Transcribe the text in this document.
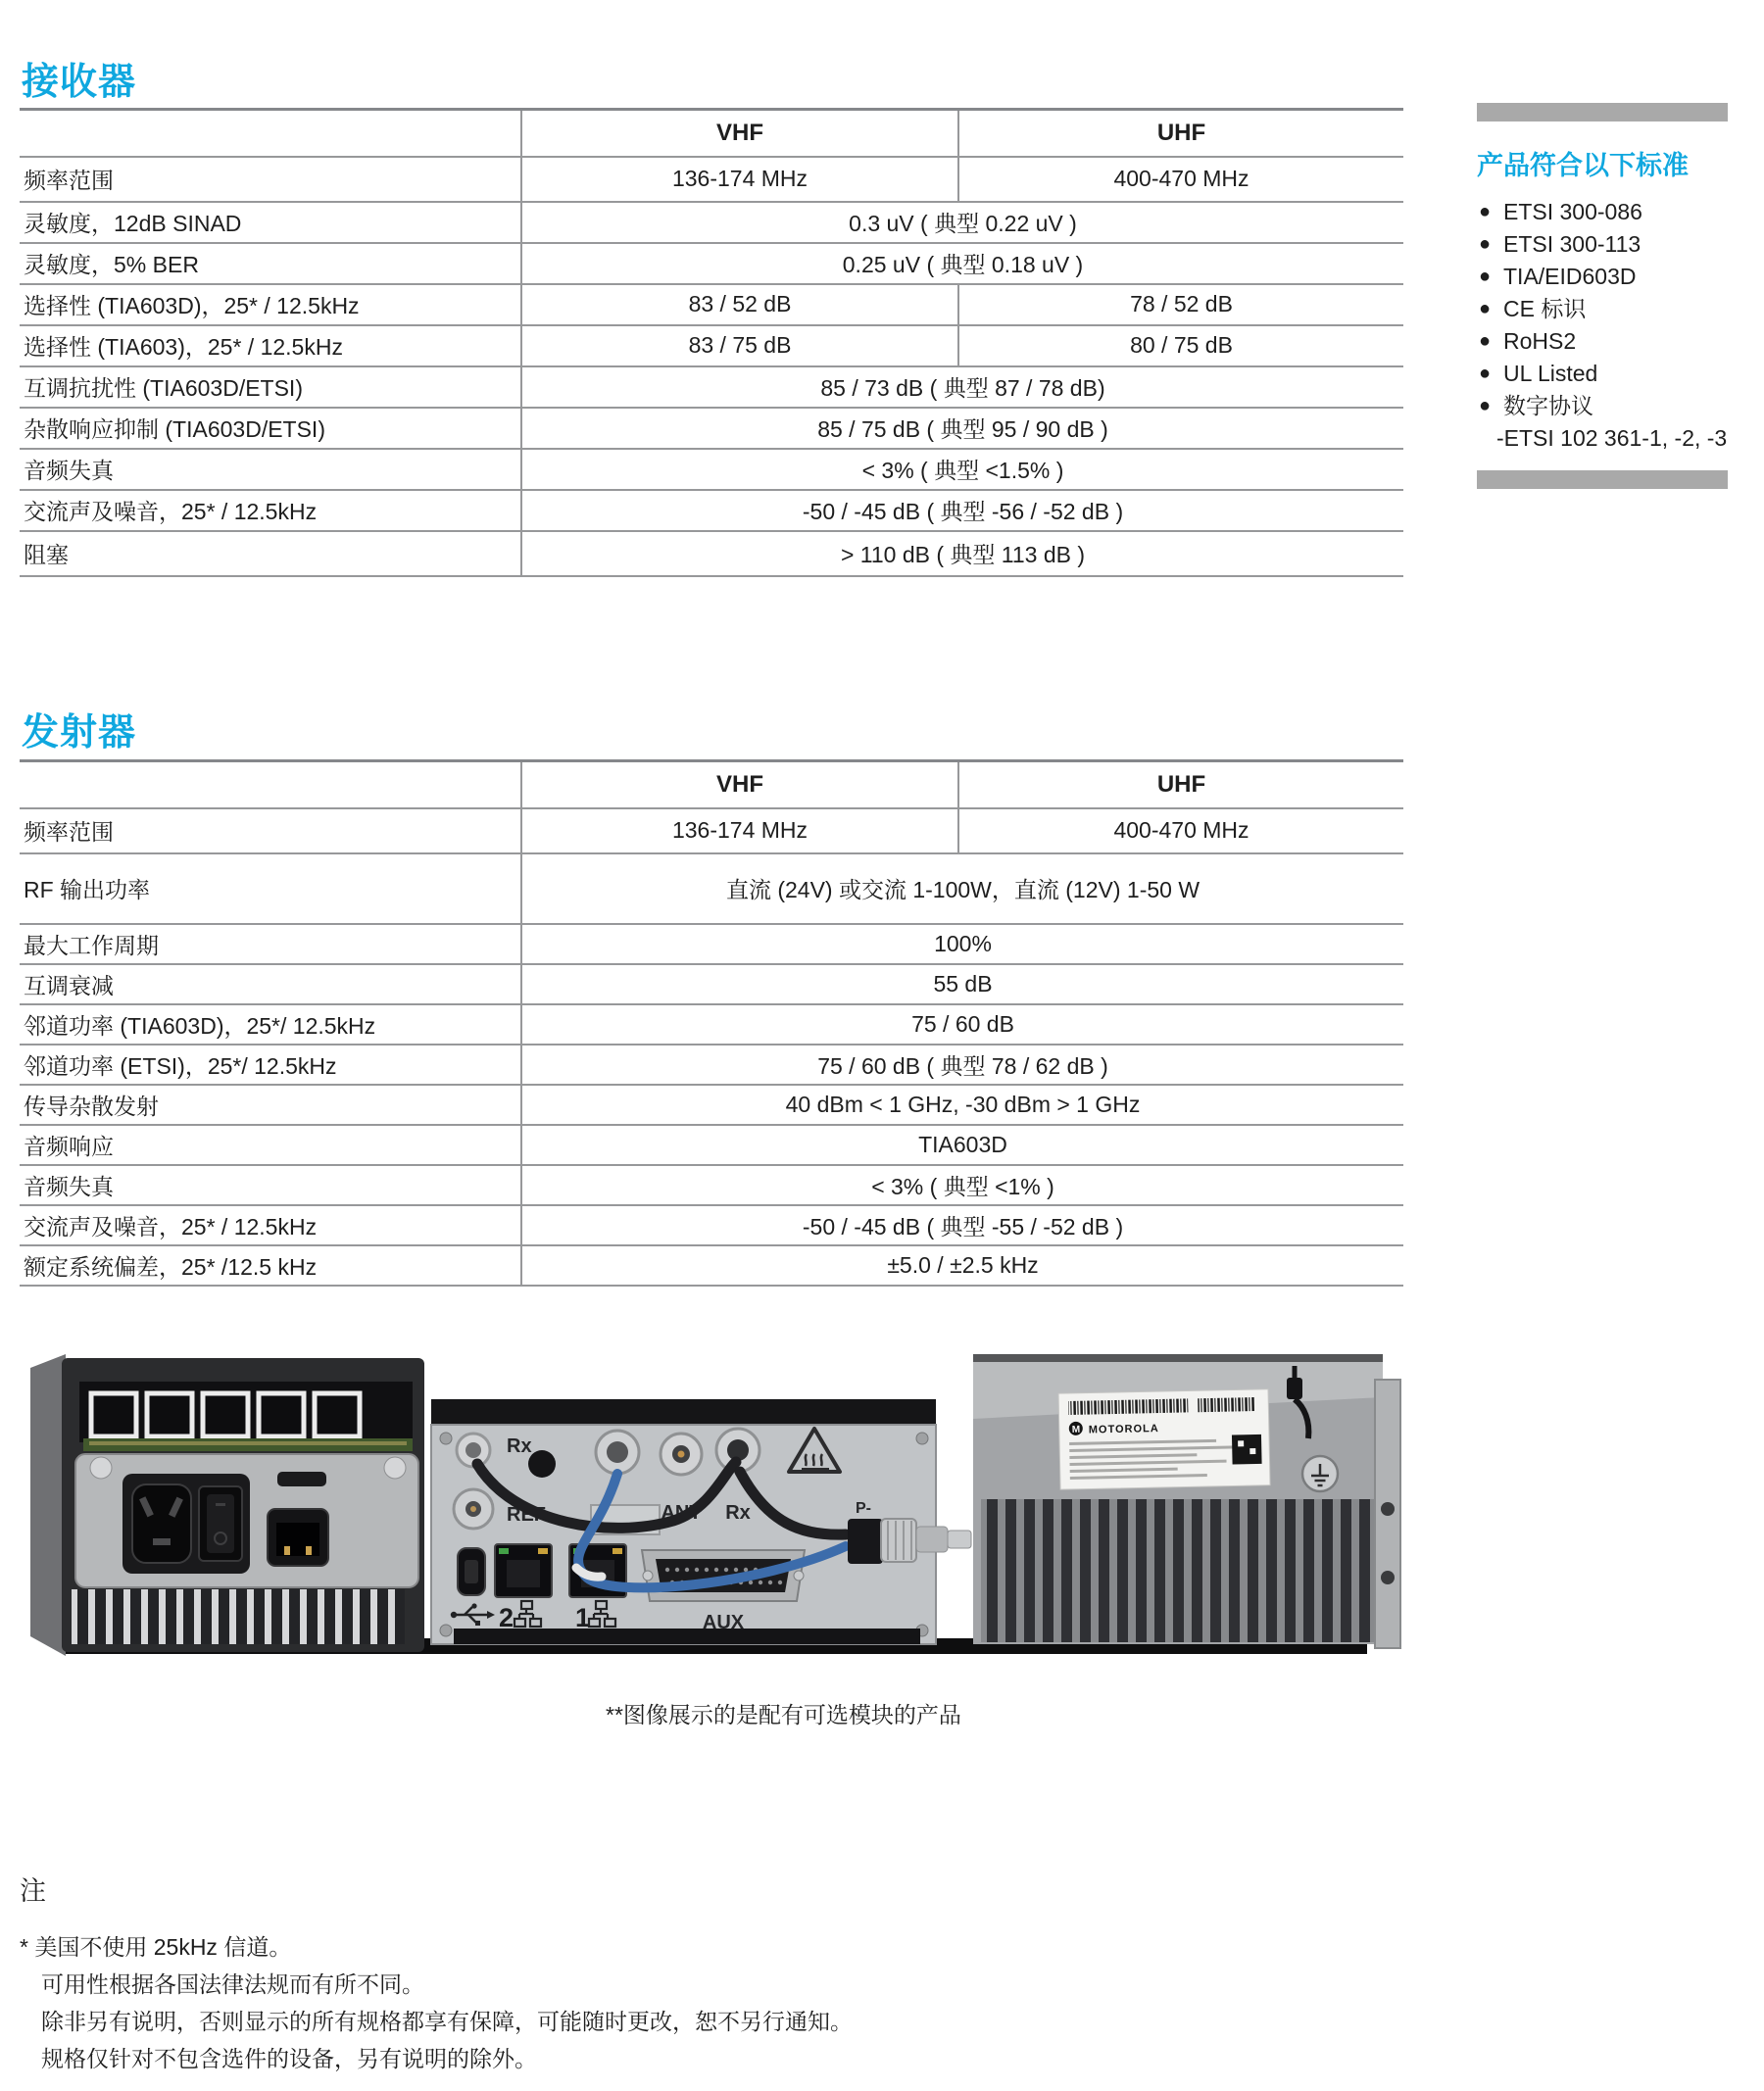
接收器
	VHF	UHF
频率范围	136-174 MHz	400-470 MHz
灵敏度，12dB SINAD	0.3 uV ( 典型 0.22 uV )	
灵敏度，5% BER	0.25 uV ( 典型 0.18 uV )	
选择性 (TIA603D)，25* / 12.5kHz	83 / 52 dB	78 / 52 dB
选择性 (TIA603)，25* / 12.5kHz	83 / 75 dB	80 / 75 dB
互调抗扰性 (TIA603D/ETSI)	85 / 73 dB ( 典型 87 / 78 dB)	
杂散响应抑制 (TIA603D/ETSI)	85 / 75 dB ( 典型 95 / 90 dB )	
音频失真	< 3% ( 典型 <1.5% )	
交流声及噪音，25* / 12.5kHz	-50 / -45 dB ( 典型 -56 / -52 dB )	
阻塞	> 110 dB ( 典型 113 dB )	
产品符合以下标准
● ETSI 300-086
● ETSI 300-113
● TIA/EID603D
● CE 标识
● RoHS2
● UL Listed
● 数字协议
-ETSI 102 361-1, -2, -3
发射器
	VHF	UHF
频率范围	136-174 MHz	400-470 MHz
RF 输出功率	直流 (24V) 或交流 1-100W，直流 (12V) 1-50 W	
最大工作周期	100%	
互调衰减	55 dB	
邻道功率 (TIA603D)，25*/ 12.5kHz	75 / 60 dB	
邻道功率 (ETSI)，25*/ 12.5kHz	75 / 60 dB ( 典型 78 / 62 dB )	
传导杂散发射	40 dBm < 1 GHz, -30 dBm > 1 GHz	
音频响应	TIA603D	
音频失真	< 3% ( 典型 <1% )	
交流声及噪音，25* / 12.5kHz	-50 / -45 dB ( 典型 -55 / -52 dB )	
额定系统偏差，25* /12.5 kHz	±5.0 / ±2.5 kHz	
Rx
REF	ANT Rx
2 1	AUX
P-
M MOTOROLA
**图像展示的是配有可选模块的产品
注
* 美国不使用 25kHz 信道。
可用性根据各国法律法规而有所不同。
除非另有说明，否则显示的所有规格都享有保障，可能随时更改，恕不另行通知。
规格仅针对不包含选件的设备，另有说明的除外。
